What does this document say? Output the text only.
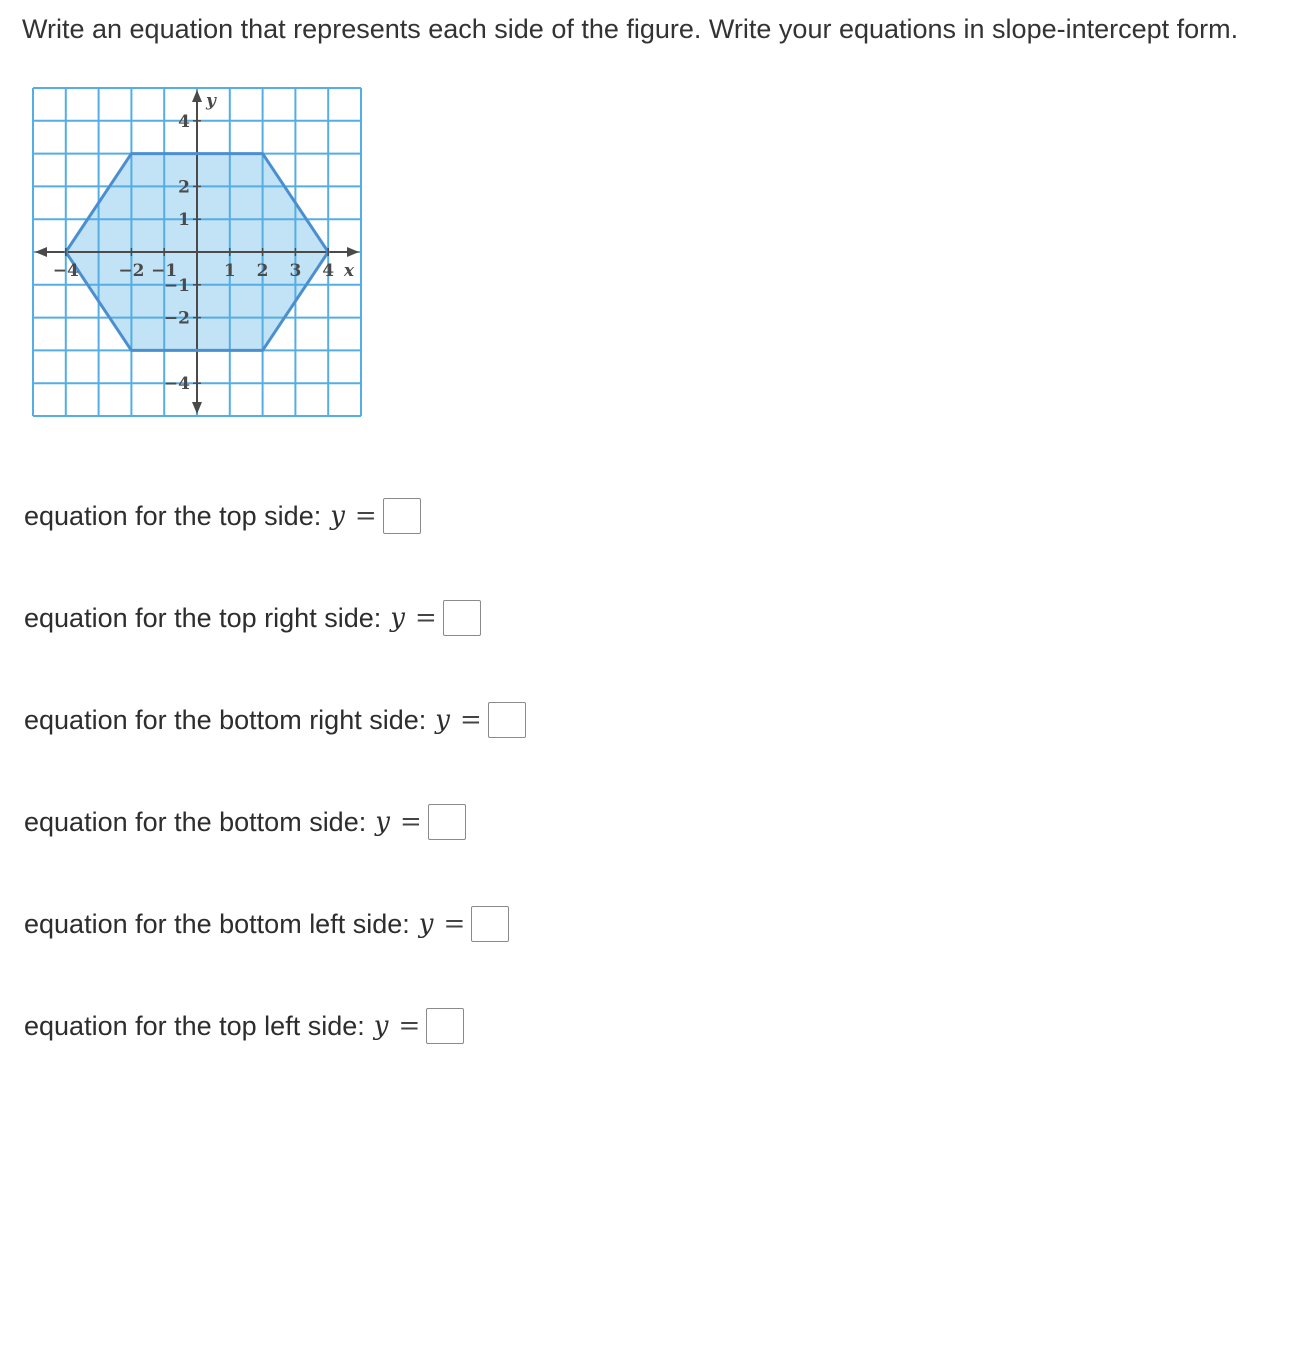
Write an equation that represents each side of the figure. Write your equations in slope-intercept form.

−4 −2 −1	1 2 3 4
4
2
1
−1
−2
−4
x
y
equation for the top side: y =
equation for the top right side: y =
equation for the bottom right side: y =
equation for the bottom side: y =
equation for the bottom left side: y =
equation for the top left side: y =
